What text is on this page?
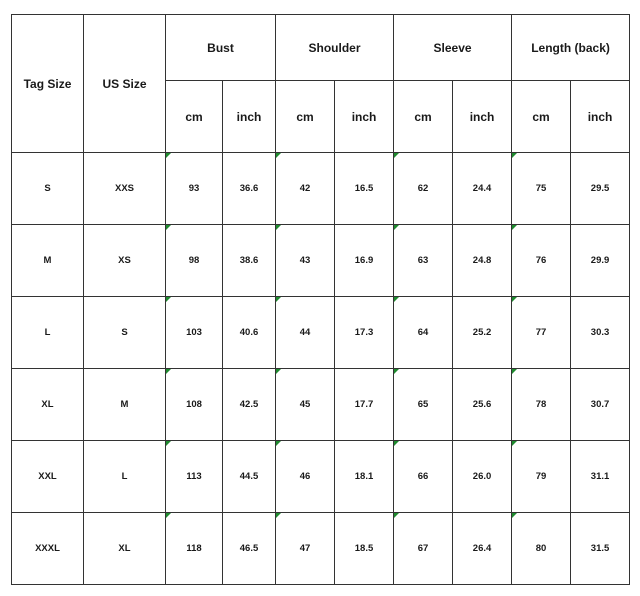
Tag Size	US Size	Bust		Shoulder		Sleeve		Length (back)	
		cm	inch	cm	inch	cm	inch	cm	inch
S	XXS	93	36.6	42	16.5	62	24.4	75	29.5
M	XS	98	38.6	43	16.9	63	24.8	76	29.9
L	S	103	40.6	44	17.3	64	25.2	77	30.3
XL	M	108	42.5	45	17.7	65	25.6	78	30.7
XXL	L	113	44.5	46	18.1	66	26.0	79	31.1
XXXL	XL	118	46.5	47	18.5	67	26.4	80	31.5
